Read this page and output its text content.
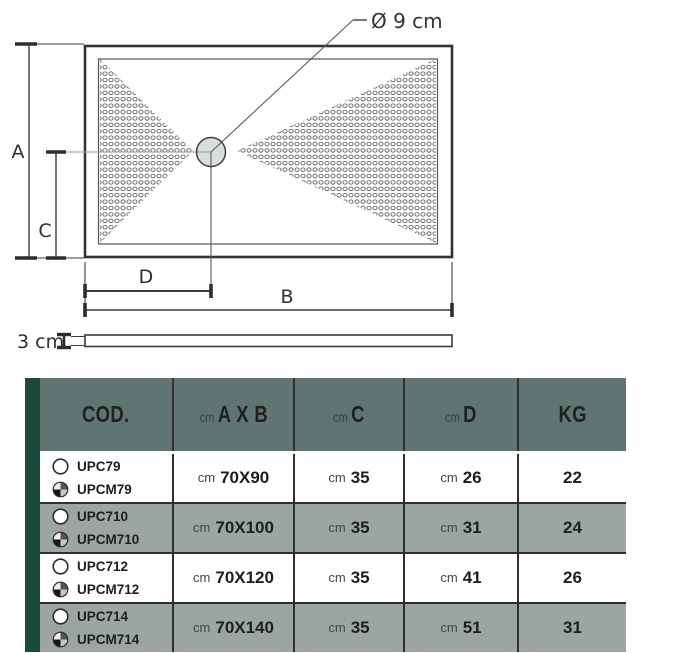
Ø 9 cm
A
C
D
B
3 cm
COD.	cm A X B	cm C	cm D	KG
UPC79
UPCM79
cm 70X90	cm 35	cm 26	22
UPC710
UPCM710
cm 70X100	cm 35	cm 31	24
UPC712
UPCM712
cm 70X120	cm 35	cm 41	26
UPC714
UPCM714
cm 70X140	cm 35	cm 51	31
